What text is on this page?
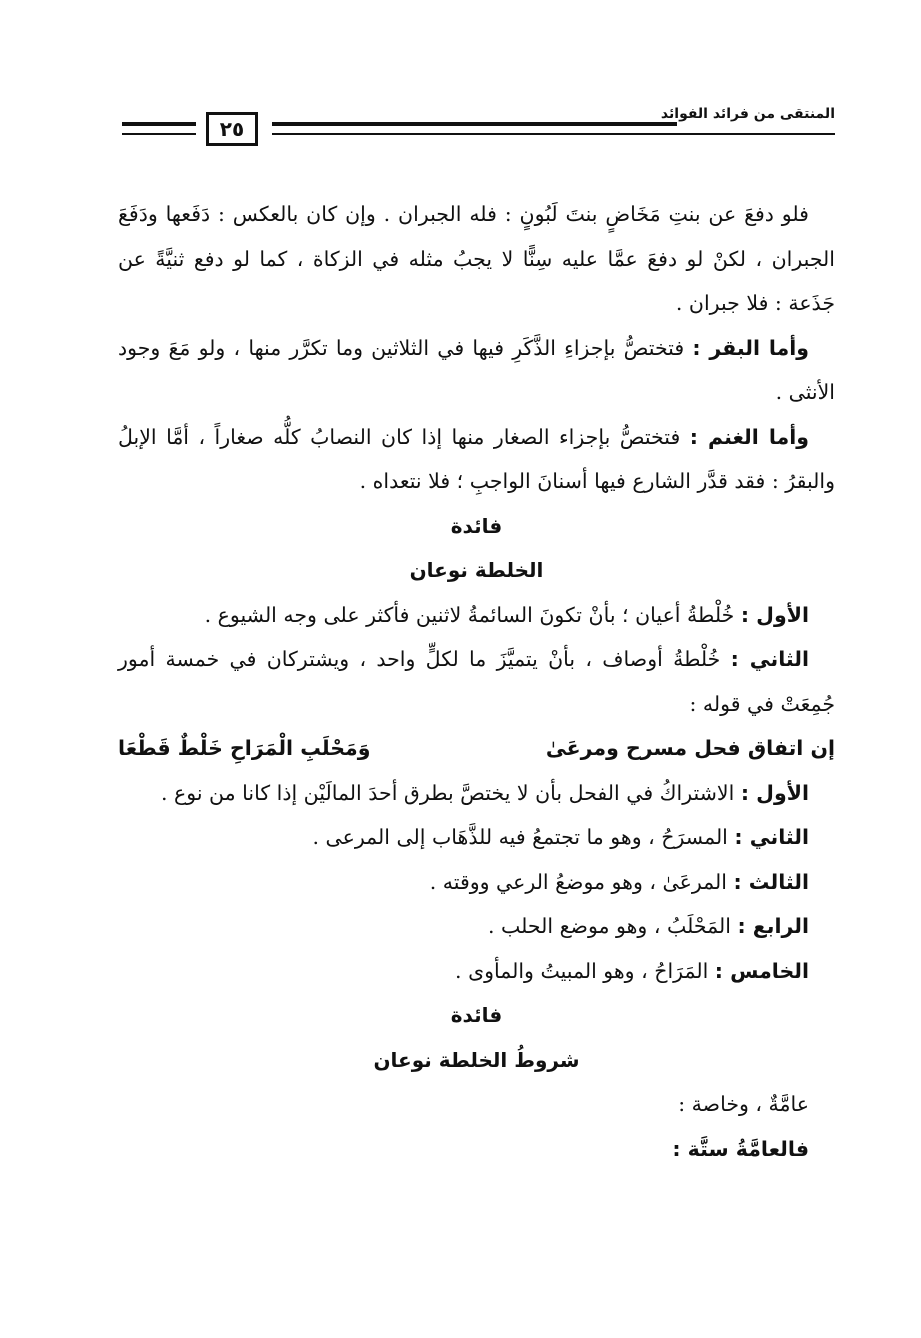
المنتقى من فرائد الفوائد
٢٥

فلو دفعَ عن بنتِ مَخَاضٍ بنتَ لَبُونٍ : فله الجبران . وإن كان بالعكس : دَفَعها ودَفَعَ الجبران ، لكنْ لو دفعَ عمَّا عليه سِنًّا لا يجبُ مثله في الزكاة ، كما لو دفع ثنيَّةً عن جَذَعة : فلا جبران .

وأما البقر : فتختصُّ بإجزاءِ الذَّكَرِ فيها في الثلاثين وما تكرَّر منها ، ولو مَعَ وجود الأنثى .

وأما الغنم : فتختصُّ بإجزاء الصغار منها إذا كان النصابُ كلُّه صغاراً ، أمَّا الإبلُ والبقرُ : فقد قدَّر الشارع فيها أسنانَ الواجبِ ؛ فلا نتعداه .

فائدة

الخلطة نوعان

الأول : خُلْطةُ أعيان ؛ بأنْ تكونَ السائمةُ لاثنين فأكثر على وجه الشيوع .

الثاني : خُلْطةُ أوصاف ، بأنْ يتميَّزَ ما لكلٍّ واحد ، ويشتركان في خمسة أمور جُمِعَتْ في قوله :

إن اتفاق فحل مسرح ومرعَىٰ
وَمَحْلَبِ الْمَرَاحِ خَلْطٌ قَطْعَا

الأول : الاشتراكُ في الفحل بأن لا يختصَّ بطرق أحدَ المالَيْن إذا كانا من نوع .

الثاني : المسرَحُ ، وهو ما تجتمعُ فيه للذَّهَاب إلى المرعى .

الثالث : المرعَىٰ ، وهو موضعُ الرعي ووقته .

الرابع : المَحْلَبُ ، وهو موضع الحلب .

الخامس : المَرَاحُ ، وهو المبيتُ والمأوى .

فائدة

شروطُ الخلطة نوعان

عامَّةٌ ، وخاصة :

فالعامَّةُ ستَّة :
